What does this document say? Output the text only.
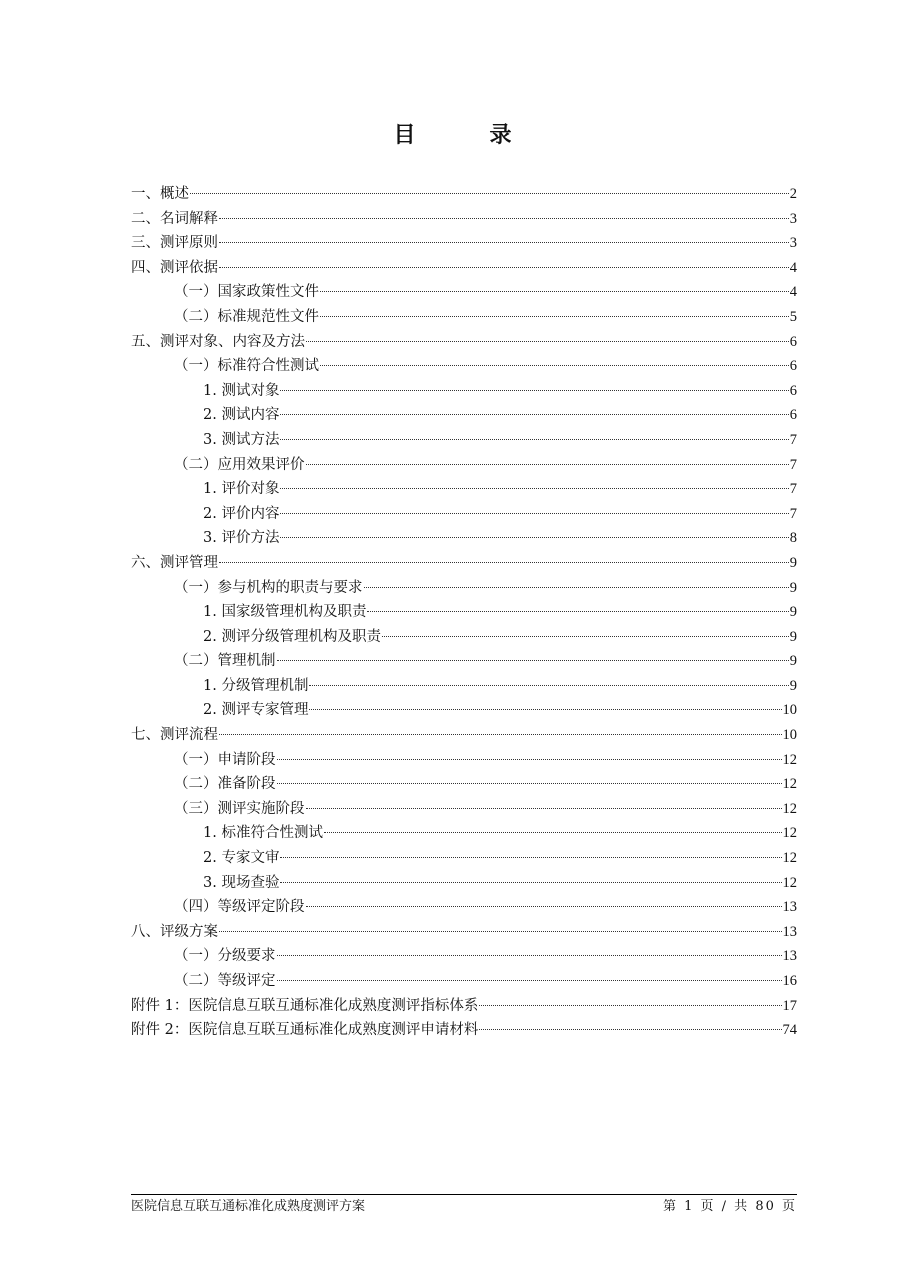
目　录
一、概述	2
二、名词解释	3
三、测评原则	3
四、测评依据	4
（一）国家政策性文件	4
（二）标准规范性文件	5
五、测评对象、内容及方法	6
（一）标准符合性测试	6
1. 测试对象	6
2. 测试内容	6
3. 测试方法	7
（二）应用效果评价	7
1. 评价对象	7
2. 评价内容	7
3. 评价方法	8
六、测评管理	9
（一）参与机构的职责与要求	9
1. 国家级管理机构及职责	9
2. 测评分级管理机构及职责	9
（二）管理机制	9
1. 分级管理机制	9
2. 测评专家管理	10
七、测评流程	10
（一）申请阶段	12
（二）准备阶段	12
（三）测评实施阶段	12
1. 标准符合性测试	12
2. 专家文审	12
3. 现场查验	12
（四）等级评定阶段	13
八、评级方案	13
（一）分级要求	13
（二）等级评定	16
附件 1：医院信息互联互通标准化成熟度测评指标体系	17
附件 2：医院信息互联互通标准化成熟度测评申请材料	74
医院信息互联互通标准化成熟度测评方案	第 1 页 / 共 80 页
